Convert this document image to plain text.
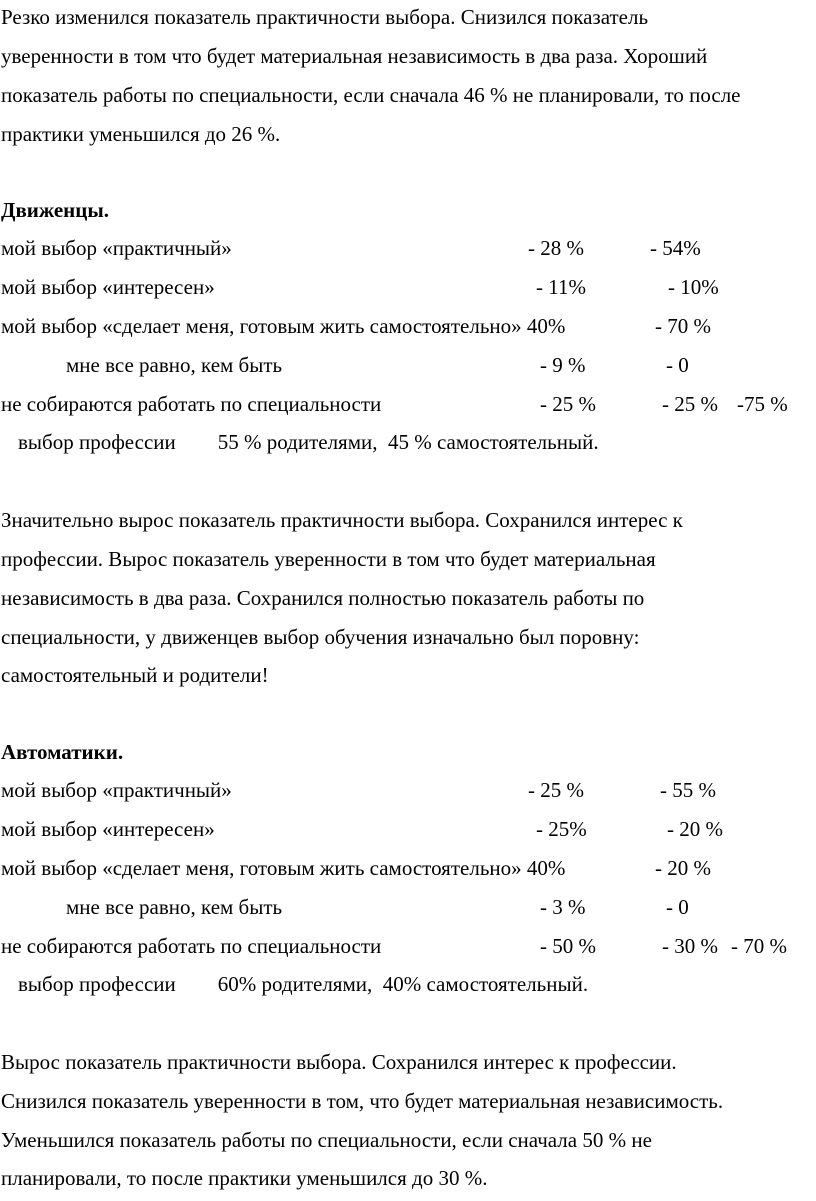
Резко изменился показатель практичности выбора. Снизился показатель
уверенности в том что будет материальная независимость в два раза. Хороший
показатель работы по специальности, если сначала 46 % не планировали, то после
практики уменьшился до 26 %.
Движенцы.
мой выбор «практичный»	- 28 %	- 54%
мой выбор «интересен»	- 11%	- 10%
мой выбор «сделает меня, готовым жить самостоятельно» 40%	- 70 %
мне все равно, кем быть	- 9 %	- 0
не собираются работать по специальности	- 25 %	- 25 % -75 %
выбор профессии        55 % родителями,  45 % самостоятельный.
Значительно вырос показатель практичности выбора. Сохранился интерес к
профессии. Вырос показатель уверенности в том что будет материальная
независимость в два раза. Сохранился полностью показатель работы по
специальности, у движенцев выбор обучения изначально был поровну:
самостоятельный и родители!
Автоматики.
мой выбор «практичный»	- 25 %	- 55 %
мой выбор «интересен»	- 25%	- 20 %
мой выбор «сделает меня, готовым жить самостоятельно» 40%	- 20 %
мне все равно, кем быть	- 3 %	- 0
не собираются работать по специальности	- 50 %	- 30 % - 70 %
выбор профессии        60% родителями,  40% самостоятельный.
Вырос показатель практичности выбора. Сохранился интерес к профессии.
Снизился показатель уверенности в том, что будет материальная независимость.
Уменьшился показатель работы по специальности, если сначала 50 % не
планировали, то после практики уменьшился до 30 %.
